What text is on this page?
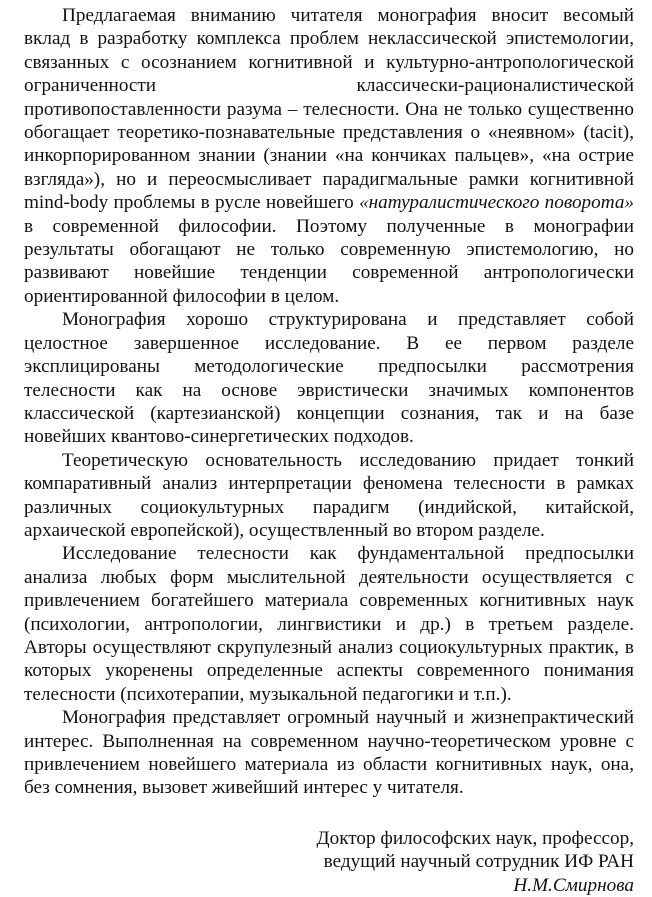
Предлагаемая вниманию читателя монография вносит весомый вклад в разработку комплекса проблем неклассической эпистемологии, связанных с осознанием когнитивной и культурно-антропологической ограниченности классически-рационалистической противопоставленности разума – телесности. Она не только существенно обогащает теоретико-познавательные представления о «неявном» (tacit), инкорпорированном знании (знании «на кончиках пальцев», «на острие взгляда»), но и переосмысливает парадигмальные рамки когнитивной mind-body проблемы в русле новейшего «натуралистического поворота» в современной философии. Поэтому полученные в монографии результаты обогащают не только современную эпистемологию, но развивают новейшие тенденции современной антропологически ориентированной философии в целом.

Монография хорошо структурирована и представляет собой целостное завершенное исследование. В ее первом разделе эксплицированы методологические предпосылки рассмотрения телесности как на основе эвристически значимых компонентов классической (картезианской) концепции сознания, так и на базе новейших квантово-синергетических подходов.

Теоретическую основательность исследованию придает тонкий компаративный анализ интерпретации феномена телесности в рамках различных социокультурных парадигм (индийской, китайской, архаической европейской), осуществленный во втором разделе.

Исследование телесности как фундаментальной предпосылки анализа любых форм мыслительной деятельности осуществляется с привлечением богатейшего материала современных когнитивных наук (психологии, антропологии, лингвистики и др.) в третьем разделе. Авторы осуществляют скрупулезный анализ социокультурных практик, в которых укоренены определенные аспекты современного понимания телесности (психотерапии, музыкальной педагогики и т.п.).

Монография представляет огромный научный и жизнепрактический интерес. Выполненная на современном научно-теоретическом уровне с привлечением новейшего материала из области когнитивных наук, она, без сомнения, вызовет живейший интерес у читателя.

Доктор философских наук, профессор,
ведущий научный сотрудник ИФ РАН
Н.М.Смирнова
